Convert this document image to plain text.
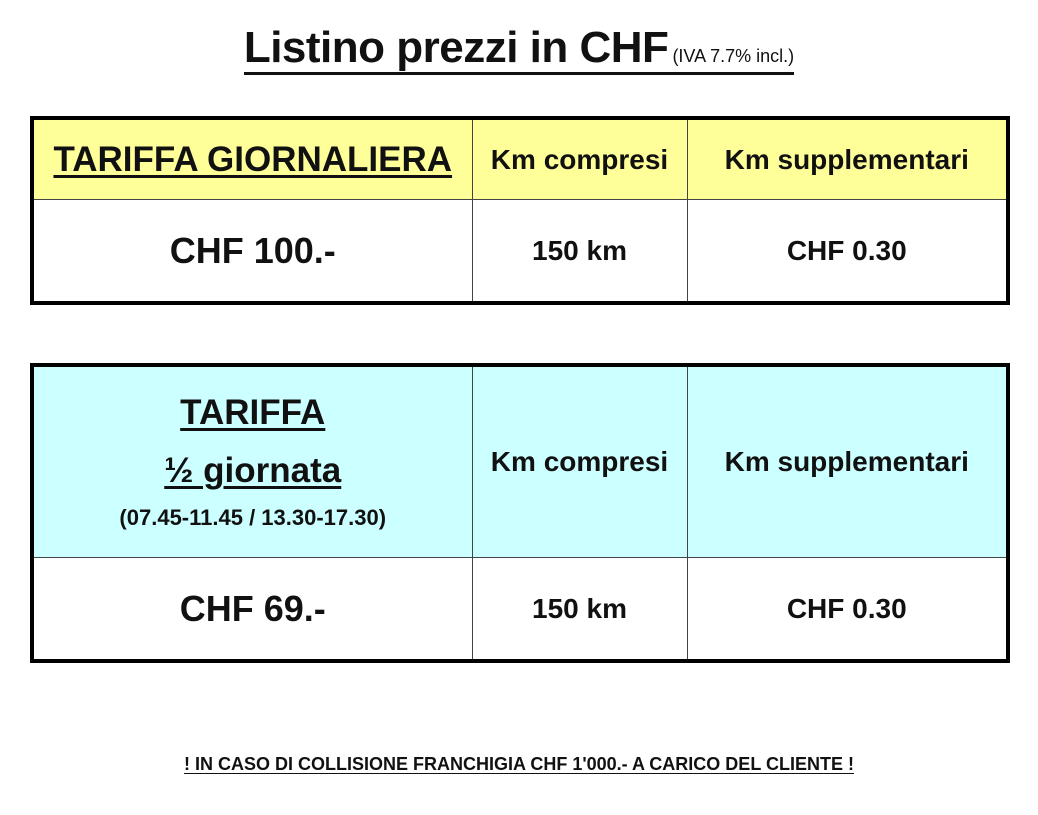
Listino prezzi in CHF (IVA 7.7% incl.)
TARIFFA GIORNALIERA	Km compresi	Km supplementari
CHF 100.-	150 km	CHF 0.30
TARIFFA
½ giornata
(07.45-11.45 / 13.30-17.30)	Km compresi	Km supplementari
CHF 69.-	150 km	CHF 0.30
! IN CASO DI COLLISIONE FRANCHIGIA CHF 1'000.- A CARICO DEL CLIENTE !
